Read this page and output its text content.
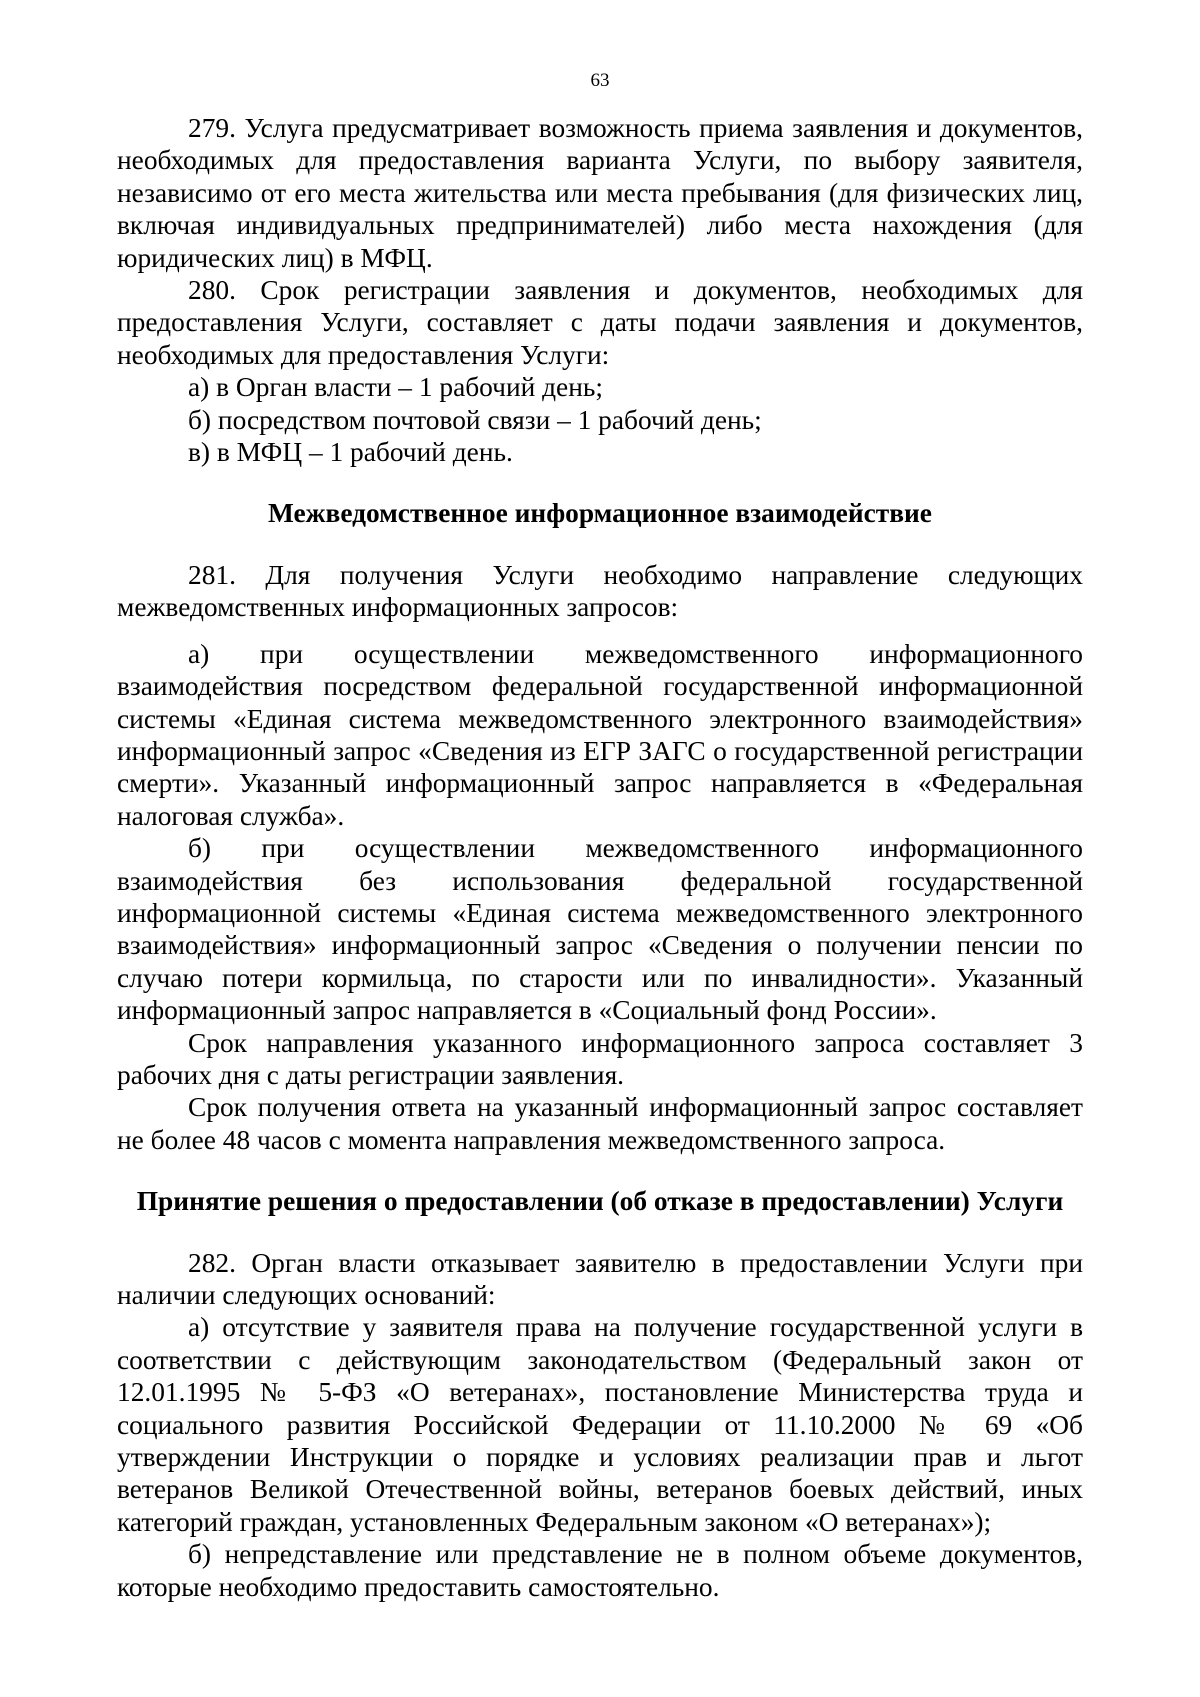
63

279. Услуга предусматривает возможность приема заявления и документов, необходимых для предоставления варианта Услуги, по выбору заявителя, независимо от его места жительства или места пребывания (для физических лиц, включая индивидуальных предпринимателей) либо места нахождения (для юридических лиц) в МФЦ.

280. Срок регистрации заявления и документов, необходимых для предоставления Услуги, составляет с даты подачи заявления и документов, необходимых для предоставления Услуги:

а) в Орган власти – 1 рабочий день;

б) посредством почтовой связи – 1 рабочий день;

в) в МФЦ – 1 рабочий день.

Межведомственное информационное взаимодействие

281. Для получения Услуги необходимо направление следующих межведомственных информационных запросов:

а) при осуществлении межведомственного информационного взаимодействия посредством федеральной государственной информационной системы «Единая система межведомственного электронного взаимодействия» информационный запрос «Сведения из ЕГР ЗАГС о государственной регистрации смерти». Указанный информационный запрос направляется в «Федеральная налоговая служба».

б) при осуществлении межведомственного информационного взаимодействия без использования федеральной государственной информационной системы «Единая система межведомственного электронного взаимодействия» информационный запрос «Сведения о получении пенсии по случаю потери кормильца, по старости или по инвалидности». Указанный информационный запрос направляется в «Социальный фонд России».

Срок направления указанного информационного запроса составляет 3 рабочих дня с даты регистрации заявления.

Срок получения ответа на указанный информационный запрос составляет не более 48 часов с момента направления межведомственного запроса.

Принятие решения о предоставлении (об отказе в предоставлении) Услуги

282. Орган власти отказывает заявителю в предоставлении Услуги при наличии следующих оснований:

а) отсутствие у заявителя права на получение государственной услуги в соответствии с действующим законодательством (Федеральный закон от 12.01.1995 № 5-ФЗ «О ветеранах», постановление Министерства труда и социального развития Российской Федерации от 11.10.2000 № 69 «Об утверждении Инструкции о порядке и условиях реализации прав и льгот ветеранов Великой Отечественной войны, ветеранов боевых действий, иных категорий граждан, установленных Федеральным законом «О ветеранах»);

б) непредставление или представление не в полном объеме документов, которые необходимо предоставить самостоятельно.
